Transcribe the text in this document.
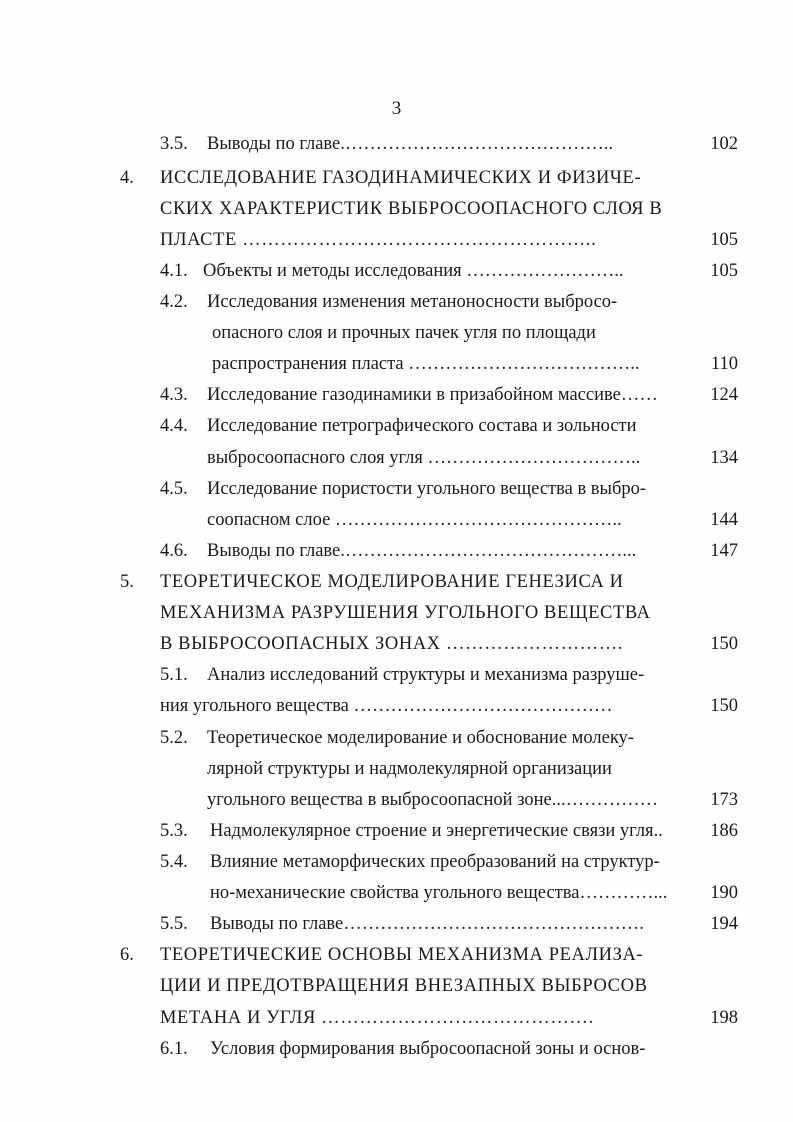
3
3.5. Выводы по главе.……………………………………..	102
4. ИССЛЕДОВАНИЕ ГАЗОДИНАМИЧЕСКИХ И ФИЗИЧЕ-
СКИХ ХАРАКТЕРИСТИК ВЫБРОСООПАСНОГО СЛОЯ В
ПЛАСТЕ ………………………………………………..	105
4.1. Объекты и методы исследования ……………………..	105
4.2. Исследования изменения метаноносности выбросо-
опасного слоя и прочных пачек угля по площади
распространения пласта ………………………………..	110
4.3. Исследование газодинамики в призабойном массиве……	124
4.4. Исследование петрографического состава и зольности
выбросоопасного слоя угля ……………………………..	134
4.5. Исследование пористости угольного вещества в выбро-
соопасном слое ………………………………………..	144
4.6. Выводы по главе.………………………………………...	147
5. ТЕОРЕТИЧЕСКОЕ МОДЕЛИРОВАНИЕ ГЕНЕЗИСА И
МЕХАНИЗМА РАЗРУШЕНИЯ УГОЛЬНОГО ВЕЩЕСТВА
В ВЫБРОСООПАСНЫХ ЗОНАХ ……………………….	150
5.1. Анализ исследований структуры и механизма разруше-
ния угольного вещества ……………………………………	150
5.2. Теоретическое моделирование и обоснование молеку-
лярной структуры и надмолекулярной организации
угольного вещества в выбросоопасной зоне...……………	173
5.3. Надмолекулярное строение и энергетические связи угля..	186
5.4. Влияние метаморфических преобразований на структур-
но-механические свойства угольного вещества…………... 190
5.5. Выводы по главе………………………………………….	194
6. ТЕОРЕТИЧЕСКИЕ ОСНОВЫ МЕХАНИЗМА РЕАЛИЗА-
ЦИИ И ПРЕДОТВРАЩЕНИЯ ВНЕЗАПНЫХ ВЫБРОСОВ
МЕТАНА И УГЛЯ …………………………………….	198
6.1. Условия формирования выбросоопасной зоны и основ-
